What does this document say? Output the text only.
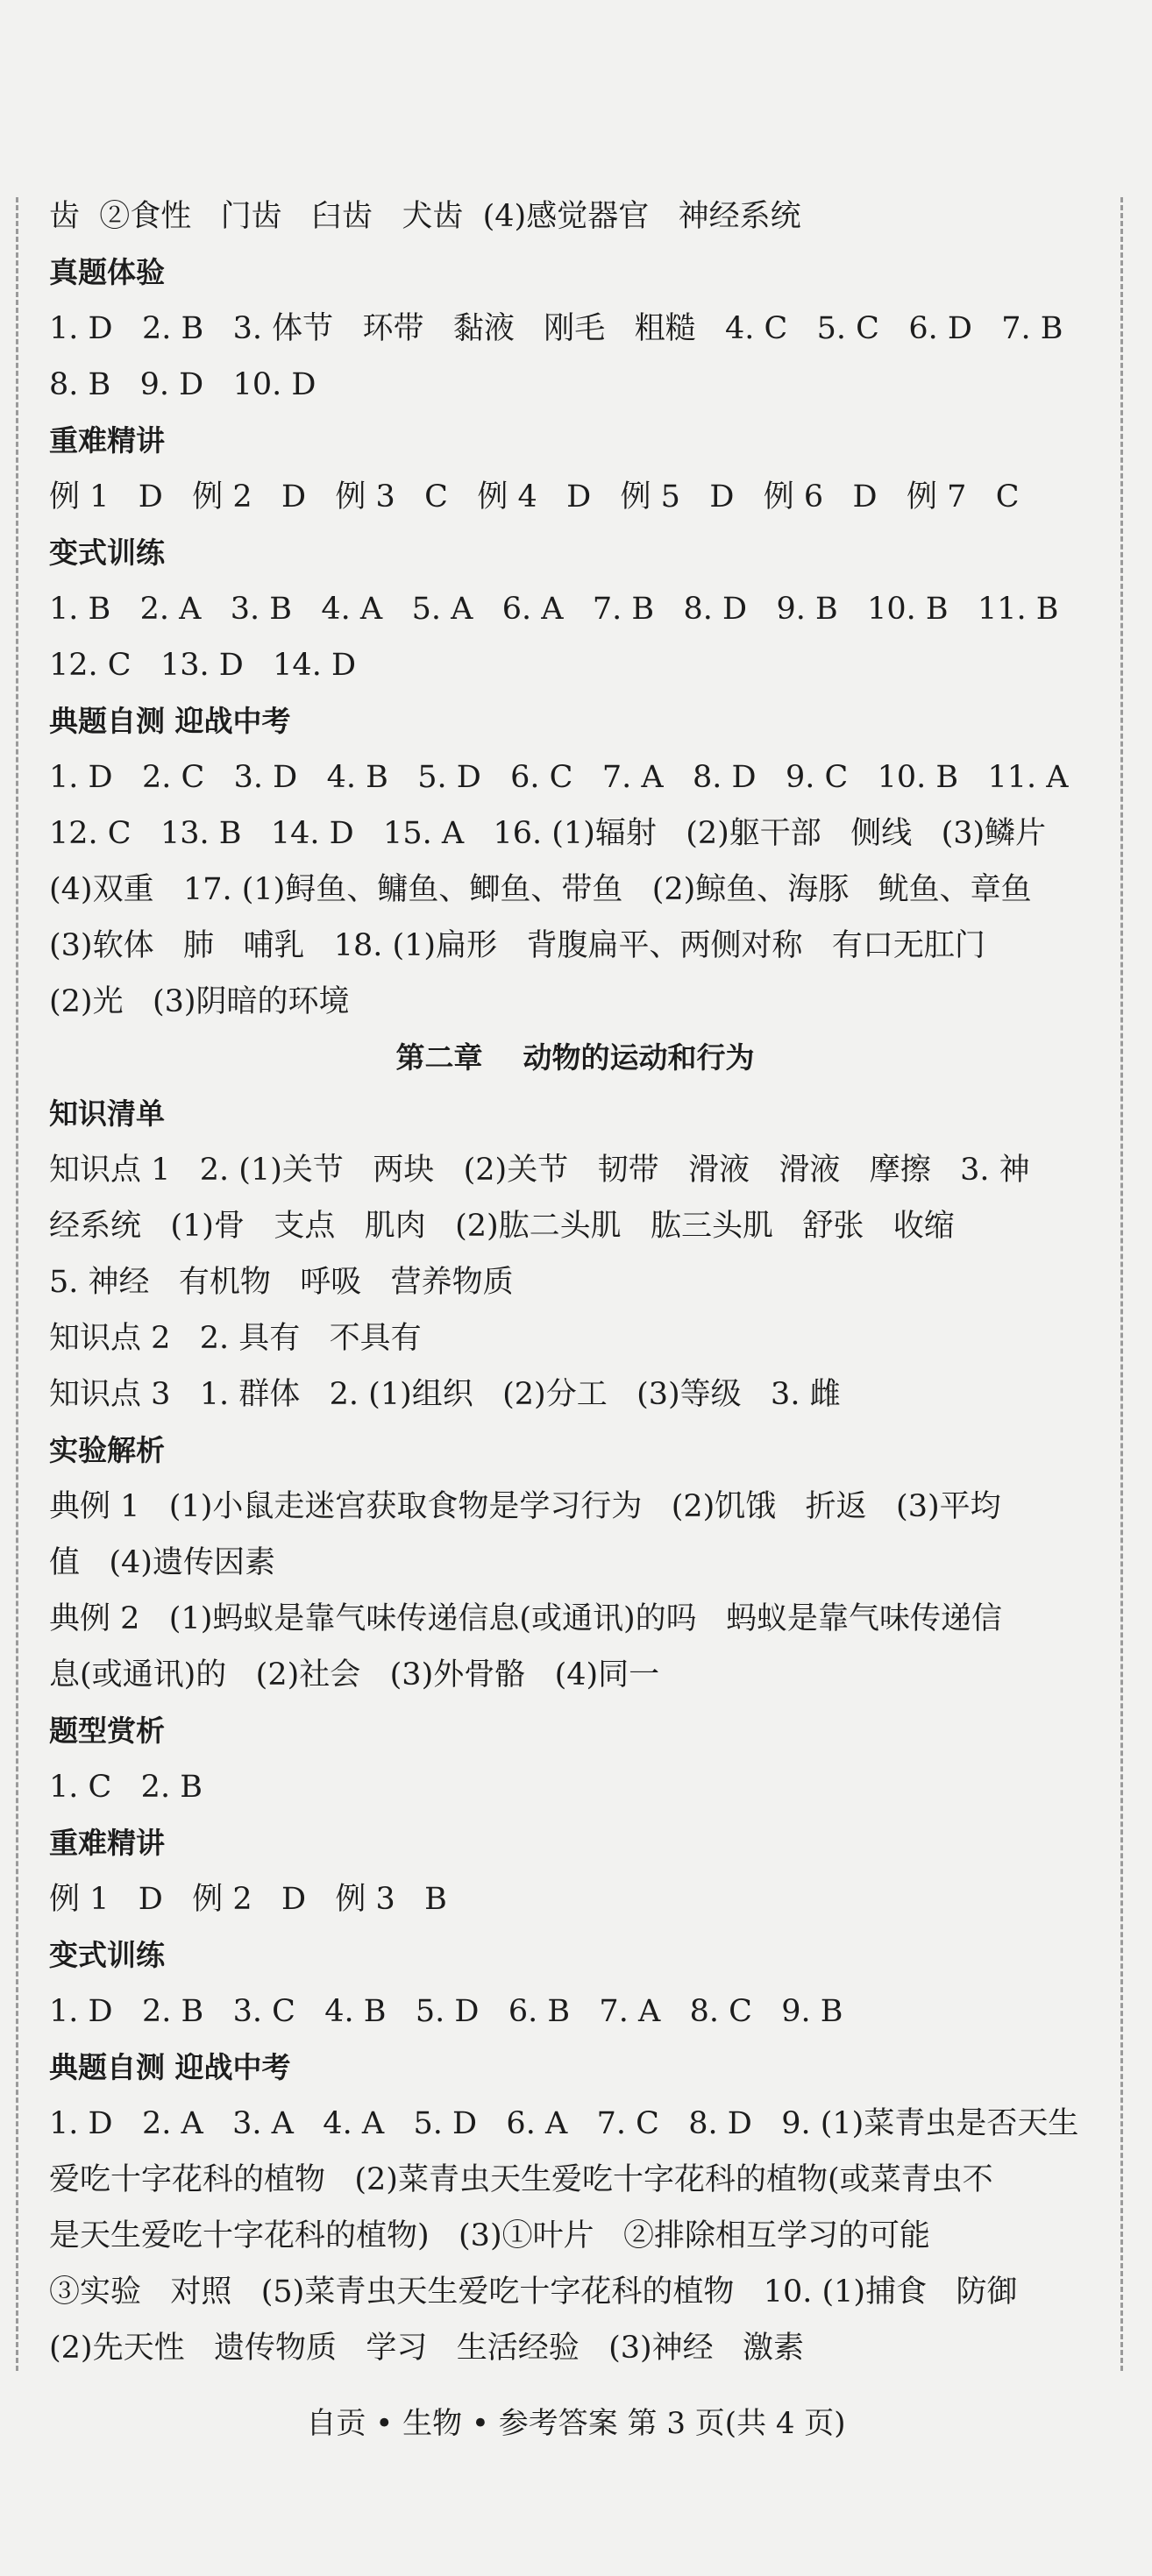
齿  ②食性   门齿   臼齿   犬齿  (4)感觉器官   神经系统
真题体验
1. D   2. B   3. 体节   环带   黏液   刚毛   粗糙   4. C   5. C   6. D   7. B
8. B   9. D   10. D
重难精讲
例 1   D   例 2   D   例 3   C   例 4   D   例 5   D   例 6   D   例 7   C
变式训练
1. B   2. A   3. B   4. A   5. A   6. A   7. B   8. D   9. B   10. B   11. B
12. C   13. D   14. D
典题自测 迎战中考
1. D   2. C   3. D   4. B   5. D   6. C   7. A   8. D   9. C   10. B   11. A
12. C   13. B   14. D   15. A   16. (1)辐射   (2)躯干部   侧线   (3)鳞片
(4)双重   17. (1)鲟鱼、鳙鱼、鲫鱼、带鱼   (2)鲸鱼、海豚   鱿鱼、章鱼
(3)软体   肺   哺乳   18. (1)扁形   背腹扁平、两侧对称   有口无肛门
(2)光   (3)阴暗的环境
第二章    动物的运动和行为
知识清单
知识点 1   2. (1)关节   两块   (2)关节   韧带   滑液   滑液   摩擦   3. 神
经系统   (1)骨   支点   肌肉   (2)肱二头肌   肱三头肌   舒张   收缩
5. 神经   有机物   呼吸   营养物质
知识点 2   2. 具有   不具有
知识点 3   1. 群体   2. (1)组织   (2)分工   (3)等级   3. 雌
实验解析
典例 1   (1)小鼠走迷宫获取食物是学习行为   (2)饥饿   折返   (3)平均
值   (4)遗传因素
典例 2   (1)蚂蚁是靠气味传递信息(或通讯)的吗   蚂蚁是靠气味传递信
息(或通讯)的   (2)社会   (3)外骨骼   (4)同一
题型赏析
1. C   2. B
重难精讲
例 1   D   例 2   D   例 3   B
变式训练
1. D   2. B   3. C   4. B   5. D   6. B   7. A   8. C   9. B
典题自测 迎战中考
1. D   2. A   3. A   4. A   5. D   6. A   7. C   8. D   9. (1)菜青虫是否天生
爱吃十字花科的植物   (2)菜青虫天生爱吃十字花科的植物(或菜青虫不
是天生爱吃十字花科的植物)   (3)①叶片   ②排除相互学习的可能
③实验   对照   (5)菜青虫天生爱吃十字花科的植物   10. (1)捕食   防御
(2)先天性   遗传物质   学习   生活经验   (3)神经   激素
自贡 • 生物 • 参考答案 第 3 页(共 4 页)
